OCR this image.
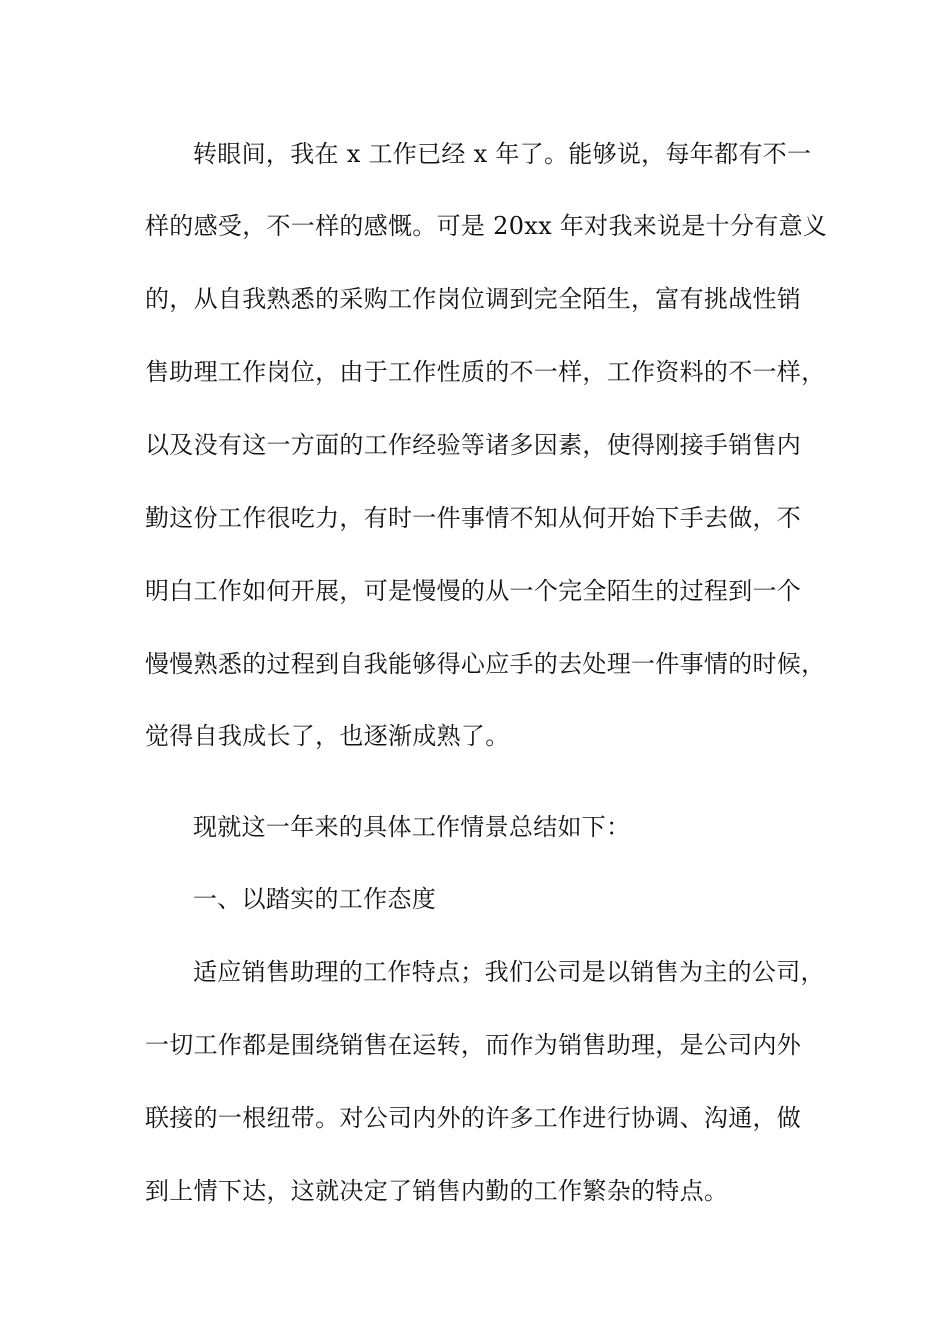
转眼间，我在 x 工作已经 x 年了。能够说，每年都有不一
样的感受，不一样的感慨。可是 20xx 年对我来说是十分有意义
的，从自我熟悉的采购工作岗位调到完全陌生，富有挑战性销
售助理工作岗位，由于工作性质的不一样，工作资料的不一样，
以及没有这一方面的工作经验等诸多因素，使得刚接手销售内
勤这份工作很吃力，有时一件事情不知从何开始下手去做，不
明白工作如何开展，可是慢慢的从一个完全陌生的过程到一个
慢慢熟悉的过程到自我能够得心应手的去处理一件事情的时候，
觉得自我成长了，也逐渐成熟了。
现就这一年来的具体工作情景总结如下：
一、以踏实的工作态度
适应销售助理的工作特点；我们公司是以销售为主的公司，
一切工作都是围绕销售在运转，而作为销售助理，是公司内外
联接的一根纽带。对公司内外的许多工作进行协调、沟通，做
到上情下达，这就决定了销售内勤的工作繁杂的特点。
